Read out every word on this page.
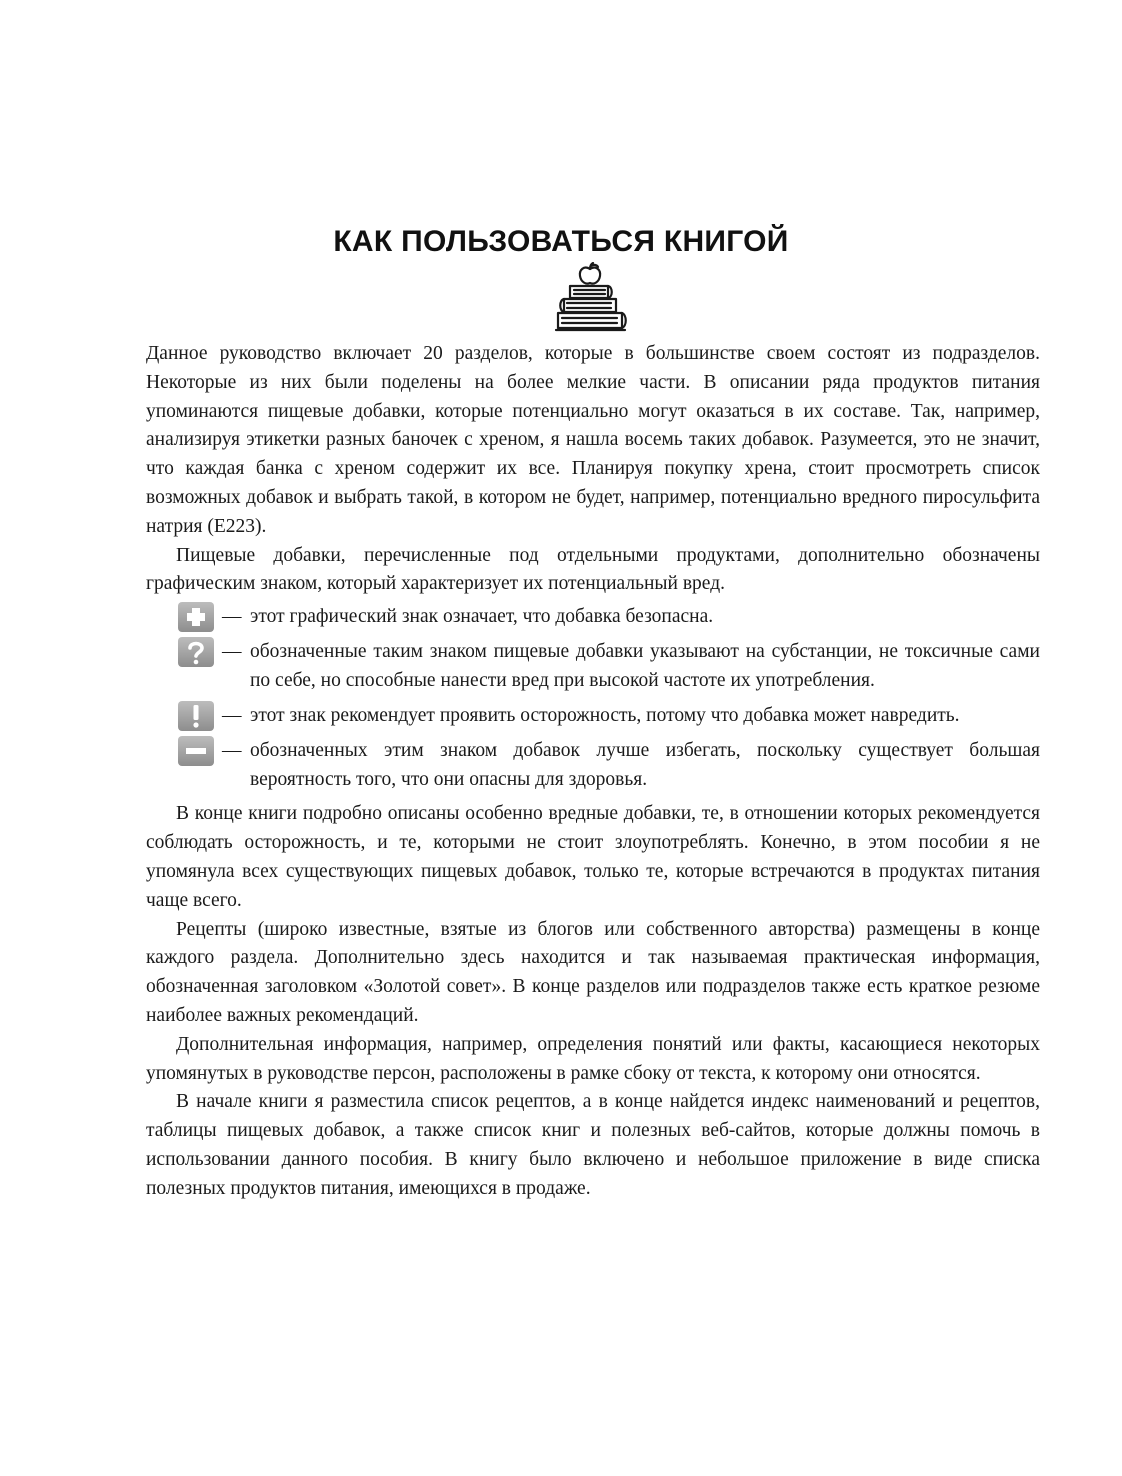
КАК ПОЛЬЗОВАТЬСЯ КНИГОЙ

Данное руководство включает 20 разделов, которые в большинстве своем состоят из подразделов. Некоторые из них были поделены на более мелкие части. В описании ряда продуктов питания упоминаются пищевые добавки, которые потенциально могут оказаться в их составе. Так, например, анализируя этикетки разных баночек с хреном, я нашла восемь таких добавок. Разумеется, это не значит, что каждая банка с хреном содержит их все. Планируя покупку хрена, стоит просмотреть список возможных добавок и выбрать такой, в котором не будет, например, потенциально вредного пиросульфита натрия (E223).

Пищевые добавки, перечисленные под отдельными продуктами, дополнительно обозначены графическим знаком, который характеризует их потенциальный вред.

— этот графический знак означает, что добавка безопасна.
— обозначенные таким знаком пищевые добавки указывают на субстанции, не токсичные сами по себе, но способные нанести вред при высокой частоте их употребления.
— этот знак рекомендует проявить осторожность, потому что добавка может навредить.
— обозначенных этим знаком добавок лучше избегать, поскольку существует большая вероятность того, что они опасны для здоровья.

В конце книги подробно описаны особенно вредные добавки, те, в отношении которых рекомендуется соблюдать осторожность, и те, которыми не стоит злоупотреблять. Конечно, в этом пособии я не упомянула всех существующих пищевых добавок, только те, которые встречаются в продуктах питания чаще всего.

Рецепты (широко известные, взятые из блогов или собственного авторства) размещены в конце каждого раздела. Дополнительно здесь находится и так называемая практическая информация, обозначенная заголовком «Золотой совет». В конце разделов или подразделов также есть краткое резюме наиболее важных рекомендаций.

Дополнительная информация, например, определения понятий или факты, касающиеся некоторых упомянутых в руководстве персон, расположены в рамке сбоку от текста, к которому они относятся.

В начале книги я разместила список рецептов, а в конце найдется индекс наименований и рецептов, таблицы пищевых добавок, а также список книг и полезных веб-сайтов, которые должны помочь в использовании данного пособия. В книгу было включено и небольшое приложение в виде списка полезных продуктов питания, имеющихся в продаже.
